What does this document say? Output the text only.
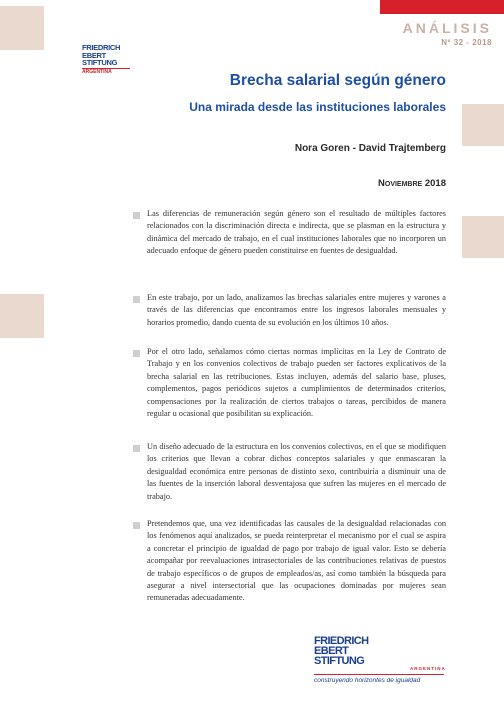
ANÁLISIS
Nº 32 - 2018
FRIEDRICH
EBERT
STIFTUNG
ARGENTINA
Brecha salarial según género
Una mirada desde las instituciones laborales
Nora Goren - David Trajtemberg
Noviembre 2018
Las diferencias de remuneración según género son el resultado de múltiples factores relacionados con la discriminación directa e indirecta, que se plasman en la estructura y dinámica del mercado de trabajo, en el cual instituciones laborales que no incorporen un adecuado enfoque de género pueden constituirse en fuentes de desigualdad.
En este trabajo, por un lado, analizamos las brechas salariales entre mujeres y varones a través de las diferencias que encontramos entre los ingresos laborales mensuales y horarios promedio, dando cuenta de su evolución en los últimos 10 años.
Por el otro lado, señalamos cómo ciertas normas implícitas en la Ley de Contrato de Trabajo y en los convenios colectivos de trabajo pueden ser factores explicativos de la brecha salarial en las retribuciones. Estas incluyen, además del salario base, pluses, complementos, pagos periódicos sujetos a cumplimientos de determinados criterios, compensaciones por la realización de ciertos trabajos o tareas, percibidos de manera regular u ocasional que posibilitan su explicación.
Un diseño adecuado de la estructura en los convenios colectivos, en el que se modifiquen los criterios que llevan a cobrar dichos conceptos salariales y que enmascaran la desigualdad económica entre personas de distinto sexo, contribuiría a disminuir una de las fuentes de la inserción laboral desventajosa que sufren las mujeres en el mercado de trabajo.
Pretendemos que, una vez identificadas las causales de la desigualdad relacionadas con los fenómenos aquí analizados, se pueda reinterpretar el mecanismo por el cual se aspira a concretar el principio de igualdad de pago por trabajo de igual valor. Esto se debería acompañar por reevaluaciones intrasectoriales de las contribuciones relativas de puestos de trabajo específicos o de grupos de empleados/as, así como también la búsqueda para asegurar a nivel intersectorial que las ocupaciones dominadas por mujeres sean remuneradas adecuadamente.
FRIEDRICH
EBERT
STIFTUNG
ARGENTINA
construyendo horizontes de igualdad
